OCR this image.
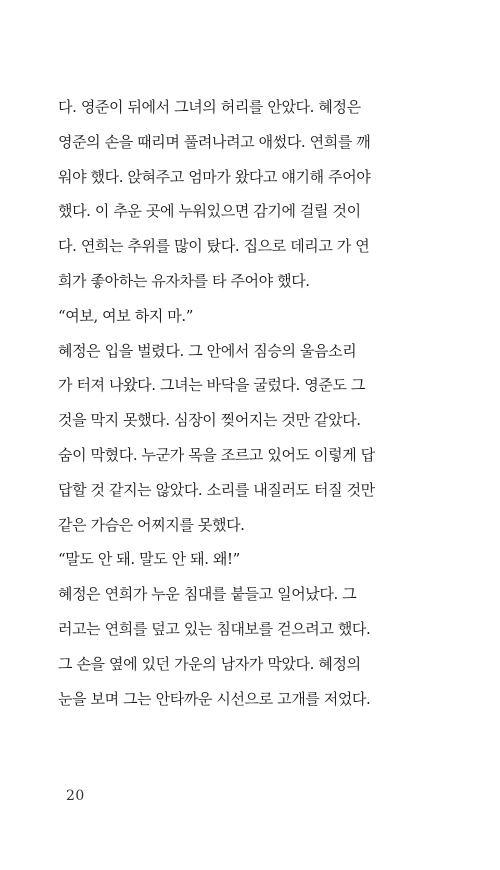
다. 영준이 뒤에서 그녀의 허리를 안았다. 혜정은
영준의 손을 때리며 풀려나려고 애썼다. 연희를 깨
워야 했다. 앉혀주고 엄마가 왔다고 얘기해 주어야
했다. 이 추운 곳에 누워있으면 감기에 걸릴 것이
다. 연희는 추위를 많이 탔다. 집으로 데리고 가 연
희가 좋아하는 유자차를 타 주어야 했다.
“여보, 여보 하지 마.”
혜정은 입을 벌렸다. 그 안에서 짐승의 울음소리
가 터져 나왔다. 그녀는 바닥을 굴렀다. 영준도 그
것을 막지 못했다. 심장이 찢어지는 것만 같았다.
숨이 막혔다. 누군가 목을 조르고 있어도 이렇게 답
답할 것 같지는 않았다. 소리를 내질러도 터질 것만
같은 가슴은 어찌지를 못했다.
“말도 안 돼. 말도 안 돼. 왜!”
혜정은 연희가 누운 침대를 붙들고 일어났다. 그
러고는 연희를 덮고 있는 침대보를 걷으려고 했다.
그 손을 옆에 있던 가운의 남자가 막았다. 혜정의
눈을 보며 그는 안타까운 시선으로 고개를 저었다.
20
